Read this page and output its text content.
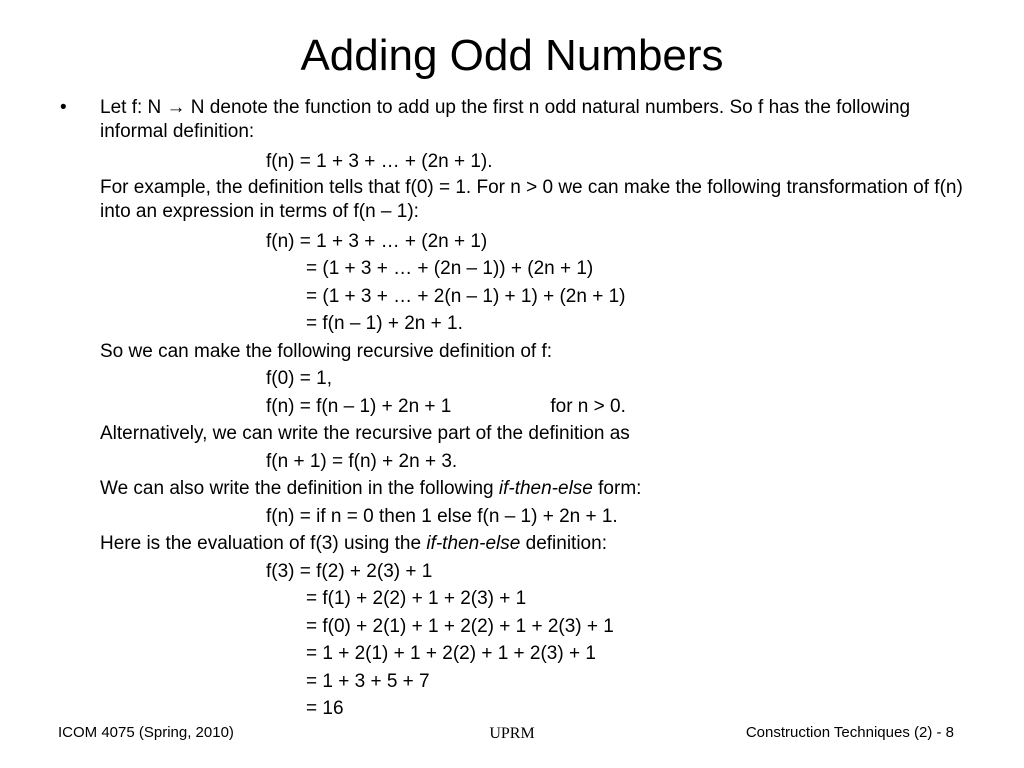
Adding Odd Numbers
• Let f: N → N denote the function to add up the first n odd natural numbers. So f has the following informal definition:

f(n) = 1 + 3 + … + (2n + 1).

For example, the definition tells that f(0) = 1. For n > 0 we can make the following transformation of f(n) into an expression in terms of f(n – 1):

f(n) = 1 + 3 + … + (2n + 1)

= (1 + 3 + … + (2n – 1)) + (2n + 1)

= (1 + 3 + … + 2(n – 1) + 1) + (2n + 1)

= f(n – 1) + 2n + 1.

So we can make the following recursive definition of f:

f(0) = 1,

f(n) = f(n – 1) + 2n + 1	for n > 0.

Alternatively, we can write the recursive part of the definition as

f(n + 1) = f(n) + 2n + 3.

We can also write the definition in the following if-then-else form:

f(n) = if n = 0 then 1 else f(n – 1) + 2n + 1.

Here is the evaluation of f(3) using the if-then-else definition:

f(3) = f(2) + 2(3) + 1

= f(1) + 2(2) + 1 + 2(3) + 1

= f(0) + 2(1) + 1 + 2(2) + 1 + 2(3) + 1

= 1 + 2(1) + 1 + 2(2) + 1 + 2(3) + 1

= 1 + 3 + 5 + 7

= 16

ICOM 4075 (Spring, 2010)	UPRM	Construction Techniques (2) - 8
